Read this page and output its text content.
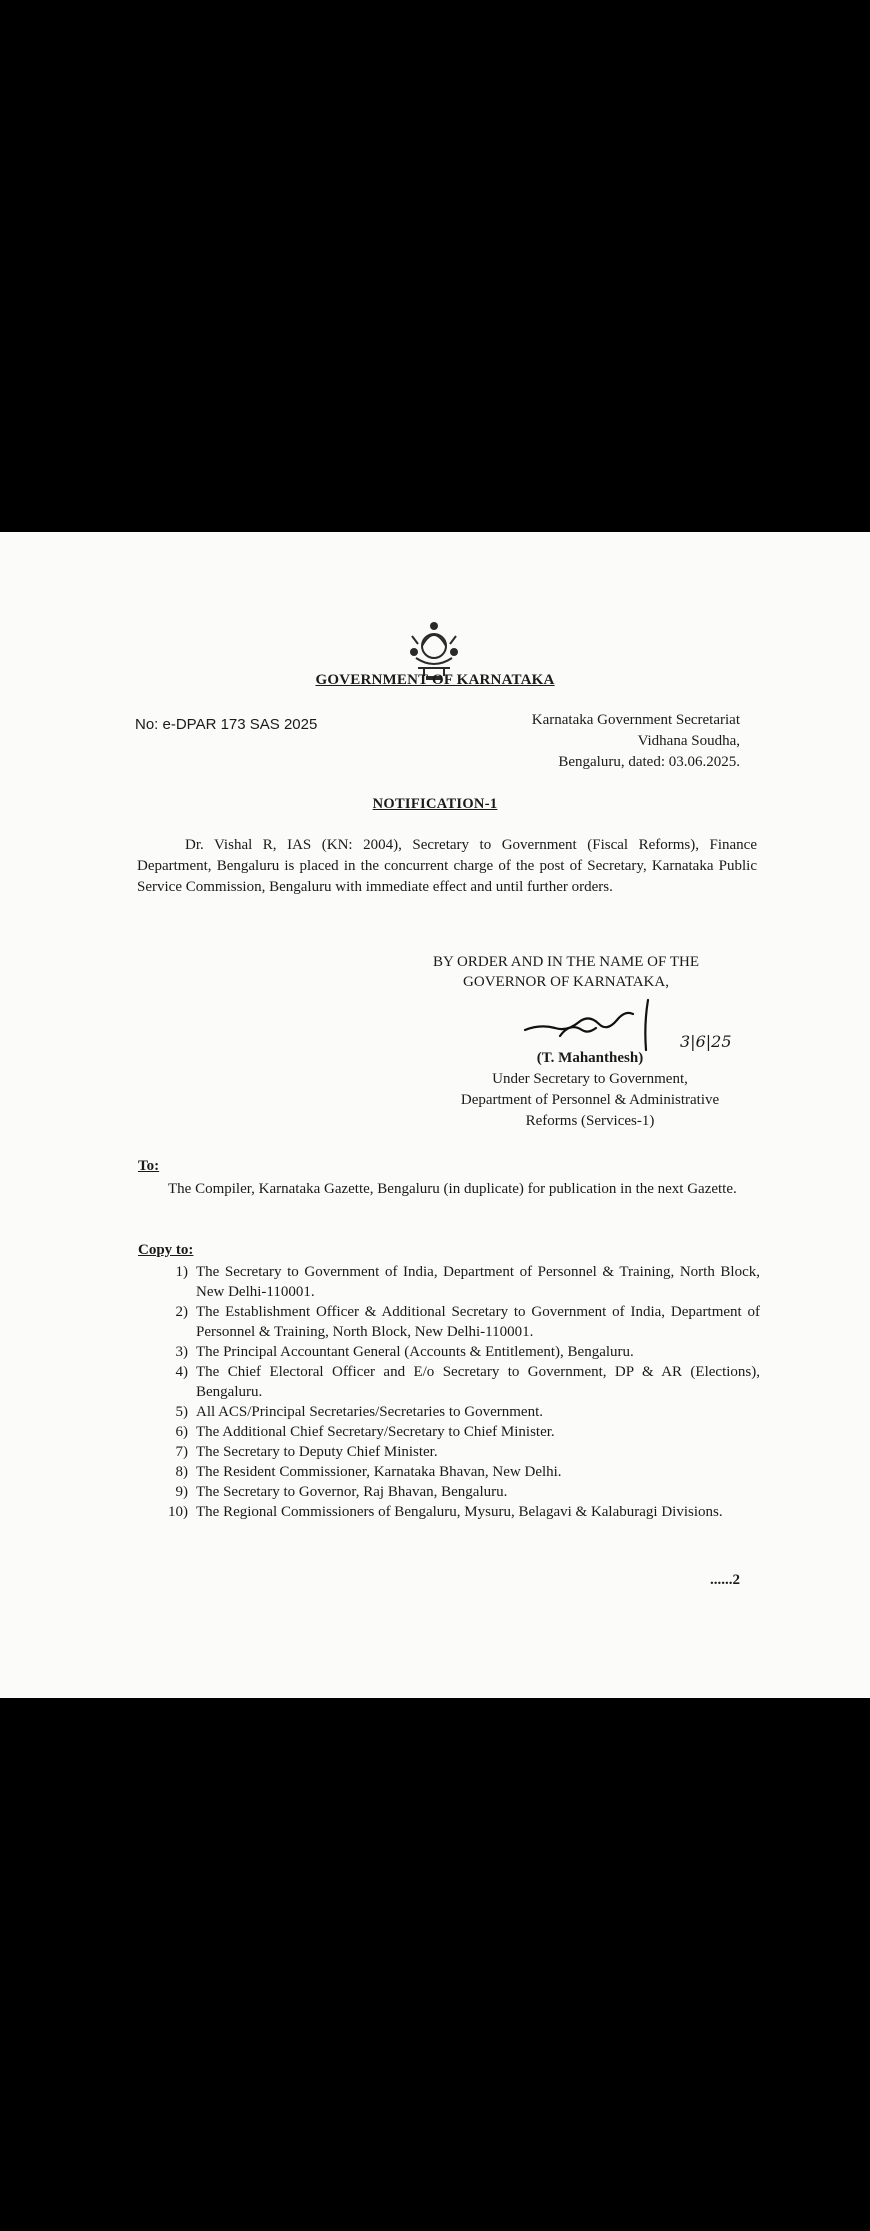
GOVERNMENT OF KARNATAKA
No: e-DPAR 173 SAS 2025	Karnataka Government Secretariat
Vidhana Soudha,
Bengaluru, dated: 03.06.2025.
NOTIFICATION-1
Dr. Vishal R, IAS (KN: 2004), Secretary to Government (Fiscal Reforms), Finance Department, Bengaluru is placed in the concurrent charge of the post of Secretary, Karnataka Public Service Commission, Bengaluru with immediate effect and until further orders.
BY ORDER AND IN THE NAME OF THE
GOVERNOR OF KARNATAKA,
3|6|25
(T. Mahanthesh)
Under Secretary to Government,
Department of Personnel & Administrative
Reforms (Services-1)
To:
The Compiler, Karnataka Gazette, Bengaluru (in duplicate) for publication in the next Gazette.
Copy to:
1) The Secretary to Government of India, Department of Personnel & Training, North Block, New Delhi-110001.
2) The Establishment Officer & Additional Secretary to Government of India, Department of Personnel & Training, North Block, New Delhi-110001.
3) The Principal Accountant General (Accounts & Entitlement), Bengaluru.
4) The Chief Electoral Officer and E/o Secretary to Government, DP & AR (Elections), Bengaluru.
5) All ACS/Principal Secretaries/Secretaries to Government.
6) The Additional Chief Secretary/Secretary to Chief Minister.
7) The Secretary to Deputy Chief Minister.
8) The Resident Commissioner, Karnataka Bhavan, New Delhi.
9) The Secretary to Governor, Raj Bhavan, Bengaluru.
10) The Regional Commissioners of Bengaluru, Mysuru, Belagavi & Kalaburagi Divisions.
......2
